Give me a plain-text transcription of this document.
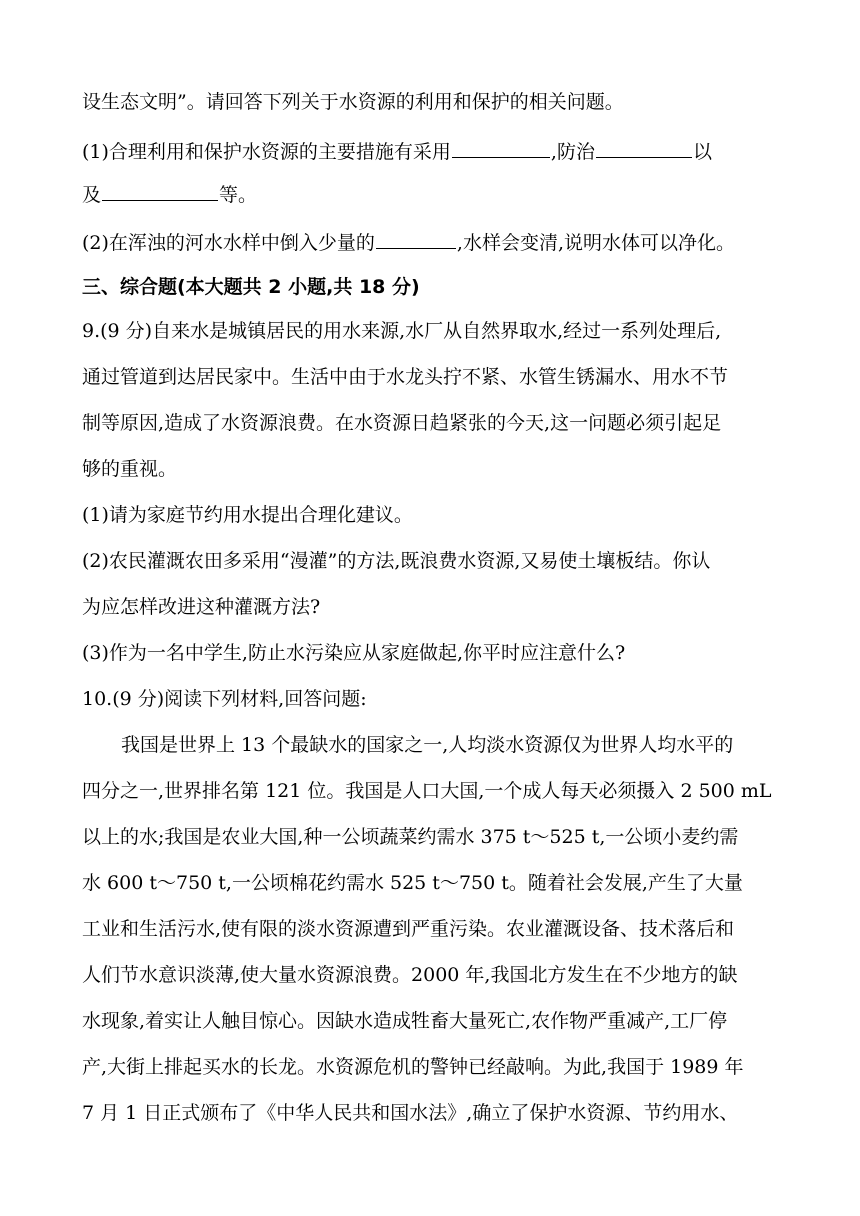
设生态文明”。请回答下列关于水资源的利用和保护的相关问题。
(1)合理利用和保护水资源的主要措施有采用	,防治	以
及	等。
(2)在浑浊的河水水样中倒入少量的	,水样会变清,说明水体可以净化。
三、综合题(本大题共 2 小题,共 18 分)
9.(9 分)自来水是城镇居民的用水来源,水厂从自然界取水,经过一系列处理后,
通过管道到达居民家中。生活中由于水龙头拧不紧、水管生锈漏水、用水不节
制等原因,造成了水资源浪费。在水资源日趋紧张的今天,这一问题必须引起足
够的重视。
(1)请为家庭节约用水提出合理化建议。
(2)农民灌溉农田多采用“漫灌”的方法,既浪费水资源,又易使土壤板结。你认
为应怎样改进这种灌溉方法?
(3)作为一名中学生,防止水污染应从家庭做起,你平时应注意什么?
10.(9 分)阅读下列材料,回答问题:
我国是世界上 13 个最缺水的国家之一,人均淡水资源仅为世界人均水平的
四分之一,世界排名第 121 位。我国是人口大国,一个成人每天必须摄入 2 500 mL
以上的水;我国是农业大国,种一公顷蔬菜约需水 375 t～525 t,一公顷小麦约需
水 600 t～750 t,一公顷棉花约需水 525 t～750 t。随着社会发展,产生了大量
工业和生活污水,使有限的淡水资源遭到严重污染。农业灌溉设备、技术落后和
人们节水意识淡薄,使大量水资源浪费。2000 年,我国北方发生在不少地方的缺
水现象,着实让人触目惊心。因缺水造成牲畜大量死亡,农作物严重减产,工厂停
产,大街上排起买水的长龙。水资源危机的警钟已经敲响。为此,我国于 1989 年
7 月 1 日正式颁布了《中华人民共和国水法》,确立了保护水资源、节约用水、
